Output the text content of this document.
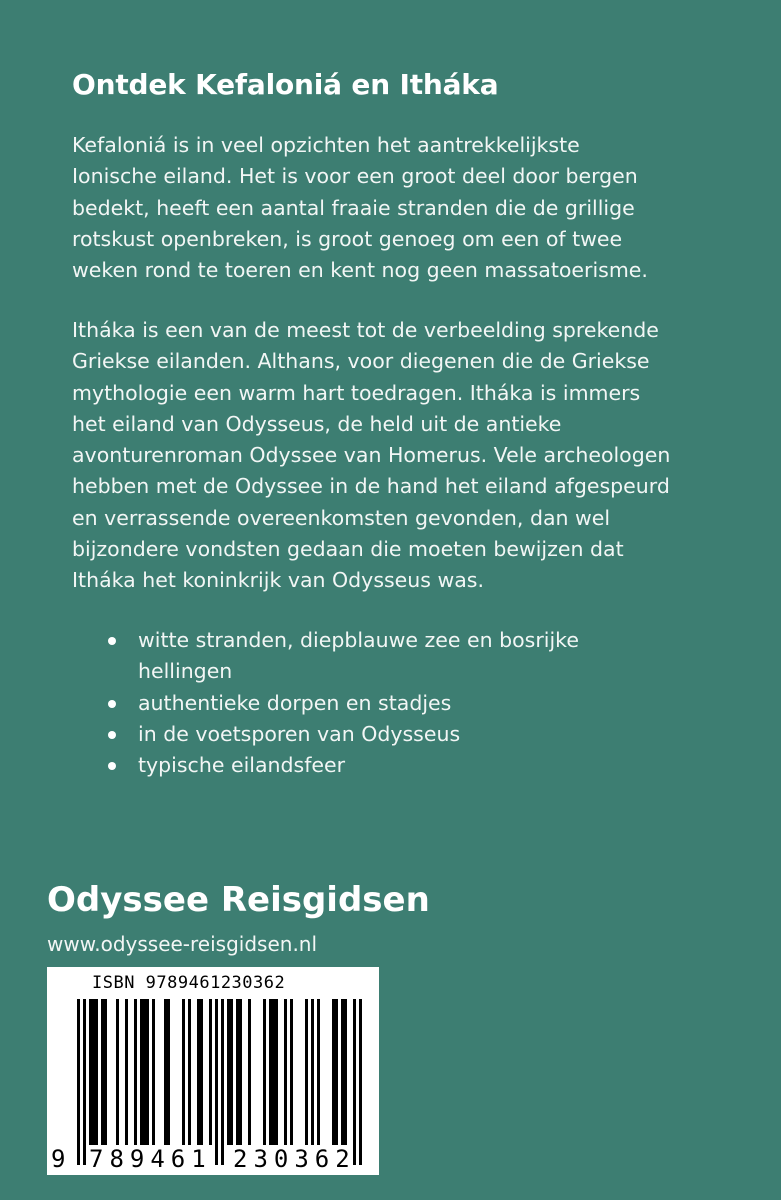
Ontdek Kefaloniá en Itháka

Kefaloniá is in veel opzichten het aantrekkelijkste
Ionische eiland. Het is voor een groot deel door bergen
bedekt, heeft een aantal fraaie stranden die de grillige
rotskust openbreken, is groot genoeg om een of twee
weken rond te toeren en kent nog geen massatoerisme.

Itháka is een van de meest tot de verbeelding sprekende
Griekse eilanden. Althans, voor diegenen die de Griekse
mythologie een warm hart toedragen. Itháka is immers
het eiland van Odysseus, de held uit de antieke
avonturenroman Odyssee van Homerus. Vele archeologen
hebben met de Odyssee in de hand het eiland afgespeurd
en verrassende overeenkomsten gevonden, dan wel
bijzondere vondsten gedaan die moeten bewijzen dat
Itháka het koninkrijk van Odysseus was.

witte stranden, diepblauwe zee en bosrijke
hellingen
authentieke dorpen en stadjes
in de voetsporen van Odysseus
typische eilandsfeer
Odyssee Reisgidsen
www.odyssee-reisgidsen.nl
ISBN 9789461230362
9 789461 230362
